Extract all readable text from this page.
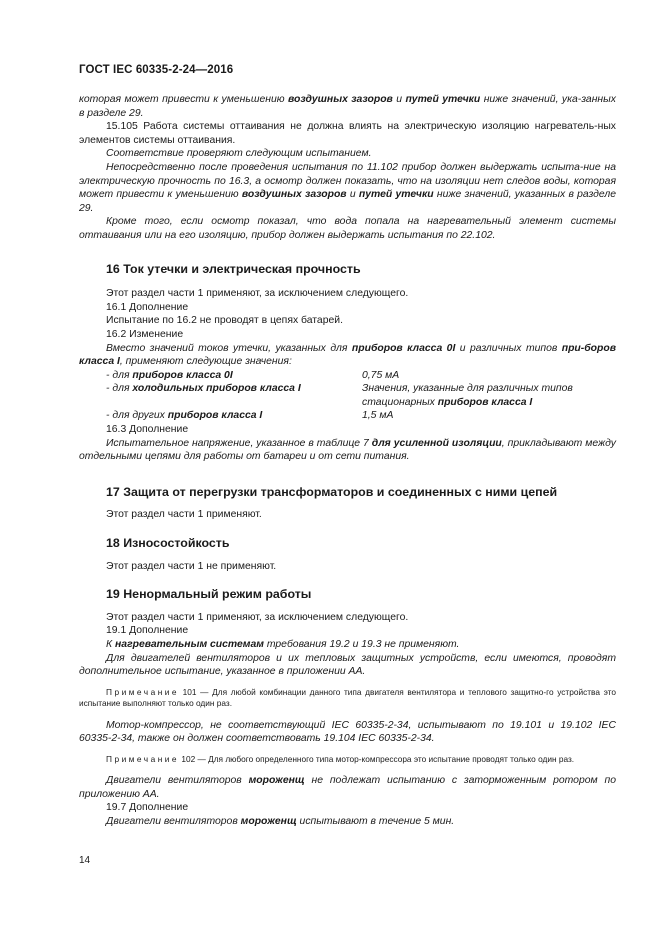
ГОСТ IEC 60335-2-24—2016

которая может привести к уменьшению воздушных зазоров и путей утечки ниже значений, ука-занных в разделе 29.

15.105 Работа системы оттаивания не должна влиять на электрическую изоляцию нагреватель-ных элементов системы оттаивания.

Соответствие проверяют следующим испытанием.

Непосредственно после проведения испытания по 11.102 прибор должен выдержать испыта-ние на электрическую прочность по 16.3, а осмотр должен показать, что на изоляции нет следов воды, которая может привести к уменьшению воздушных зазоров и путей утечки ниже значений, указанных в разделе 29.

Кроме того, если осмотр показал, что вода попала на нагревательный элемент системы оттаивания или на его изоляцию, прибор должен выдержать испытания по 22.102.

16 Ток утечки и электрическая прочность

Этот раздел части 1 применяют, за исключением следующего.

16.1 Дополнение

Испытание по 16.2 не проводят в цепях батарей.

16.2 Изменение

Вместо значений токов утечки, указанных для приборов класса 0I и различных типов при-боров класса I, применяют следующие значения:

- для приборов класса 0I	0,75 мА
- для холодильных приборов класса I	Значения, указанные для различных типов
стационарных приборов класса I
- для других приборов класса I	1,5 мА

16.3 Дополнение

Испытательное напряжение, указанное в таблице 7 для усиленной изоляции, прикладывают между отдельными цепями для работы от батареи и от сети питания.

17 Защита от перегрузки трансформаторов и соединенных с ними цепей

Этот раздел части 1 применяют.

18 Износостойкость

Этот раздел части 1 не применяют.

19 Ненормальный режим работы

Этот раздел части 1 применяют, за исключением следующего.

19.1 Дополнение

К нагревательным системам требования 19.2 и 19.3 не применяют.

Для двигателей вентиляторов и их тепловых защитных устройств, если имеются, проводят дополнительное испытание, указанное в приложении АА.

Примечание 101 — Для любой комбинации данного типа двигателя вентилятора и теплового защитно-го устройства это испытание выполняют только один раз.

Мотор-компрессор, не соответствующий IEC 60335-2-34, испытывают по 19.101 и 19.102 IEC 60335-2-34, также он должен соответствовать 19.104 IEC 60335-2-34.

Примечание 102 — Для любого определенного типа мотор-компрессора это испытание проводят только один раз.

Двигатели вентиляторов мороженщ не подлежат испытанию с заторможенным ротором по приложению АА.

19.7 Дополнение

Двигатели вентиляторов мороженщ испытывают в течение 5 мин.

14
